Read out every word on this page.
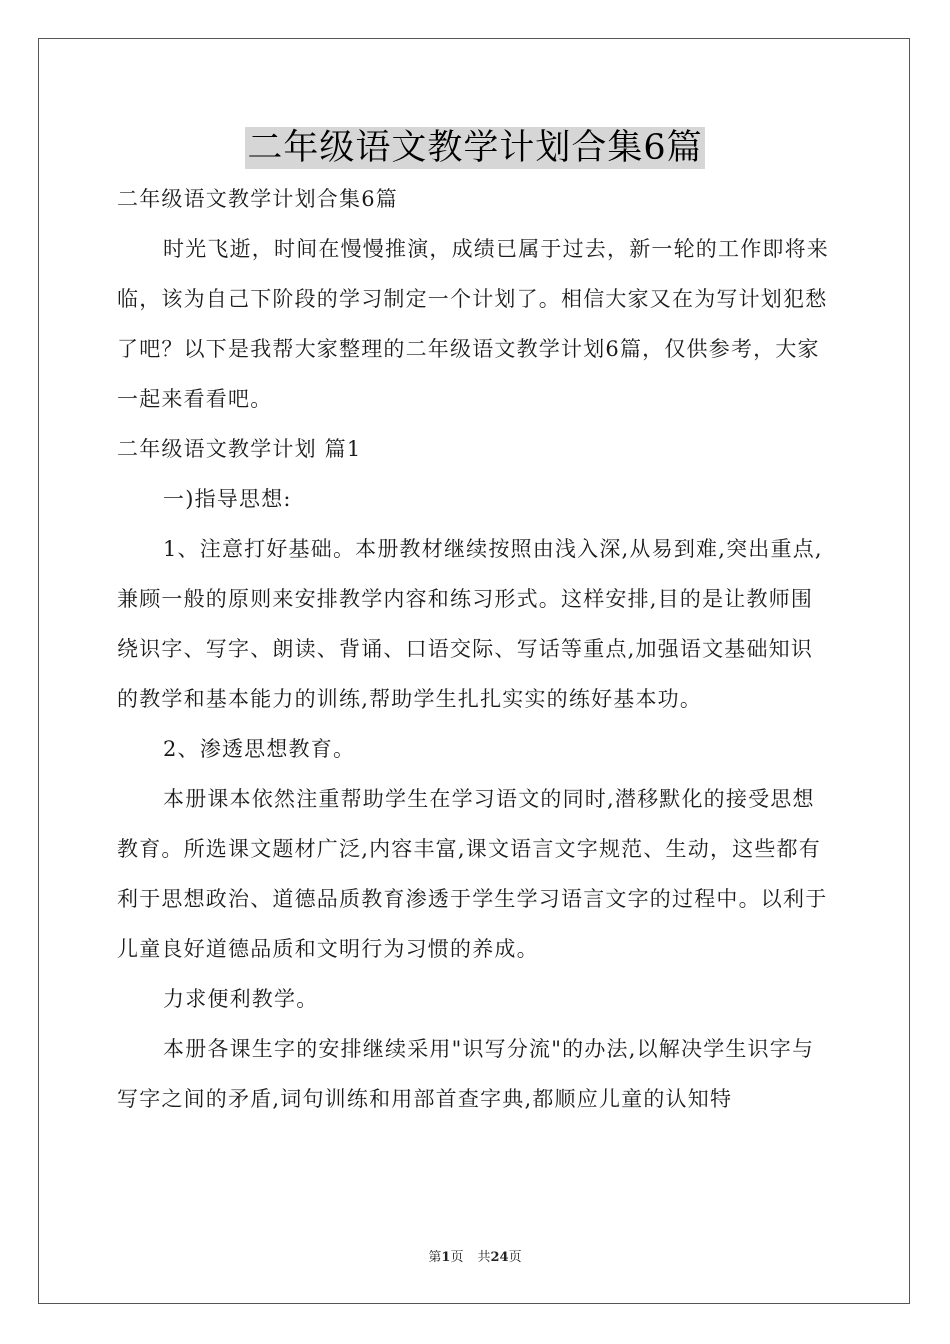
二年级语文教学计划合集6篇

二年级语文教学计划合集6篇

时光飞逝，时间在慢慢推演，成绩已属于过去，新一轮的工作即将来临，该为自己下阶段的学习制定一个计划了。相信大家又在为写计划犯愁了吧？以下是我帮大家整理的二年级语文教学计划6篇，仅供参考，大家一起来看看吧。

二年级语文教学计划 篇1

一)指导思想:

1、注意打好基础。本册教材继续按照由浅入深,从易到难,突出重点,兼顾一般的原则来安排教学内容和练习形式。这样安排,目的是让教师围绕识字、写字、朗读、背诵、口语交际、写话等重点,加强语文基础知识的教学和基本能力的训练,帮助学生扎扎实实的练好基本功。

2、渗透思想教育。

本册课本依然注重帮助学生在学习语文的同时,潜移默化的接受思想教育。所选课文题材广泛,内容丰富,课文语言文字规范、生动，这些都有利于思想政治、道德品质教育渗透于学生学习语言文字的过程中。以利于儿童良好道德品质和文明行为习惯的养成。

力求便利教学。

本册各课生字的安排继续采用"识写分流"的办法,以解决学生识字与写字之间的矛盾,词句训练和用部首查字典,都顺应儿童的认知特

第1页 共24页
